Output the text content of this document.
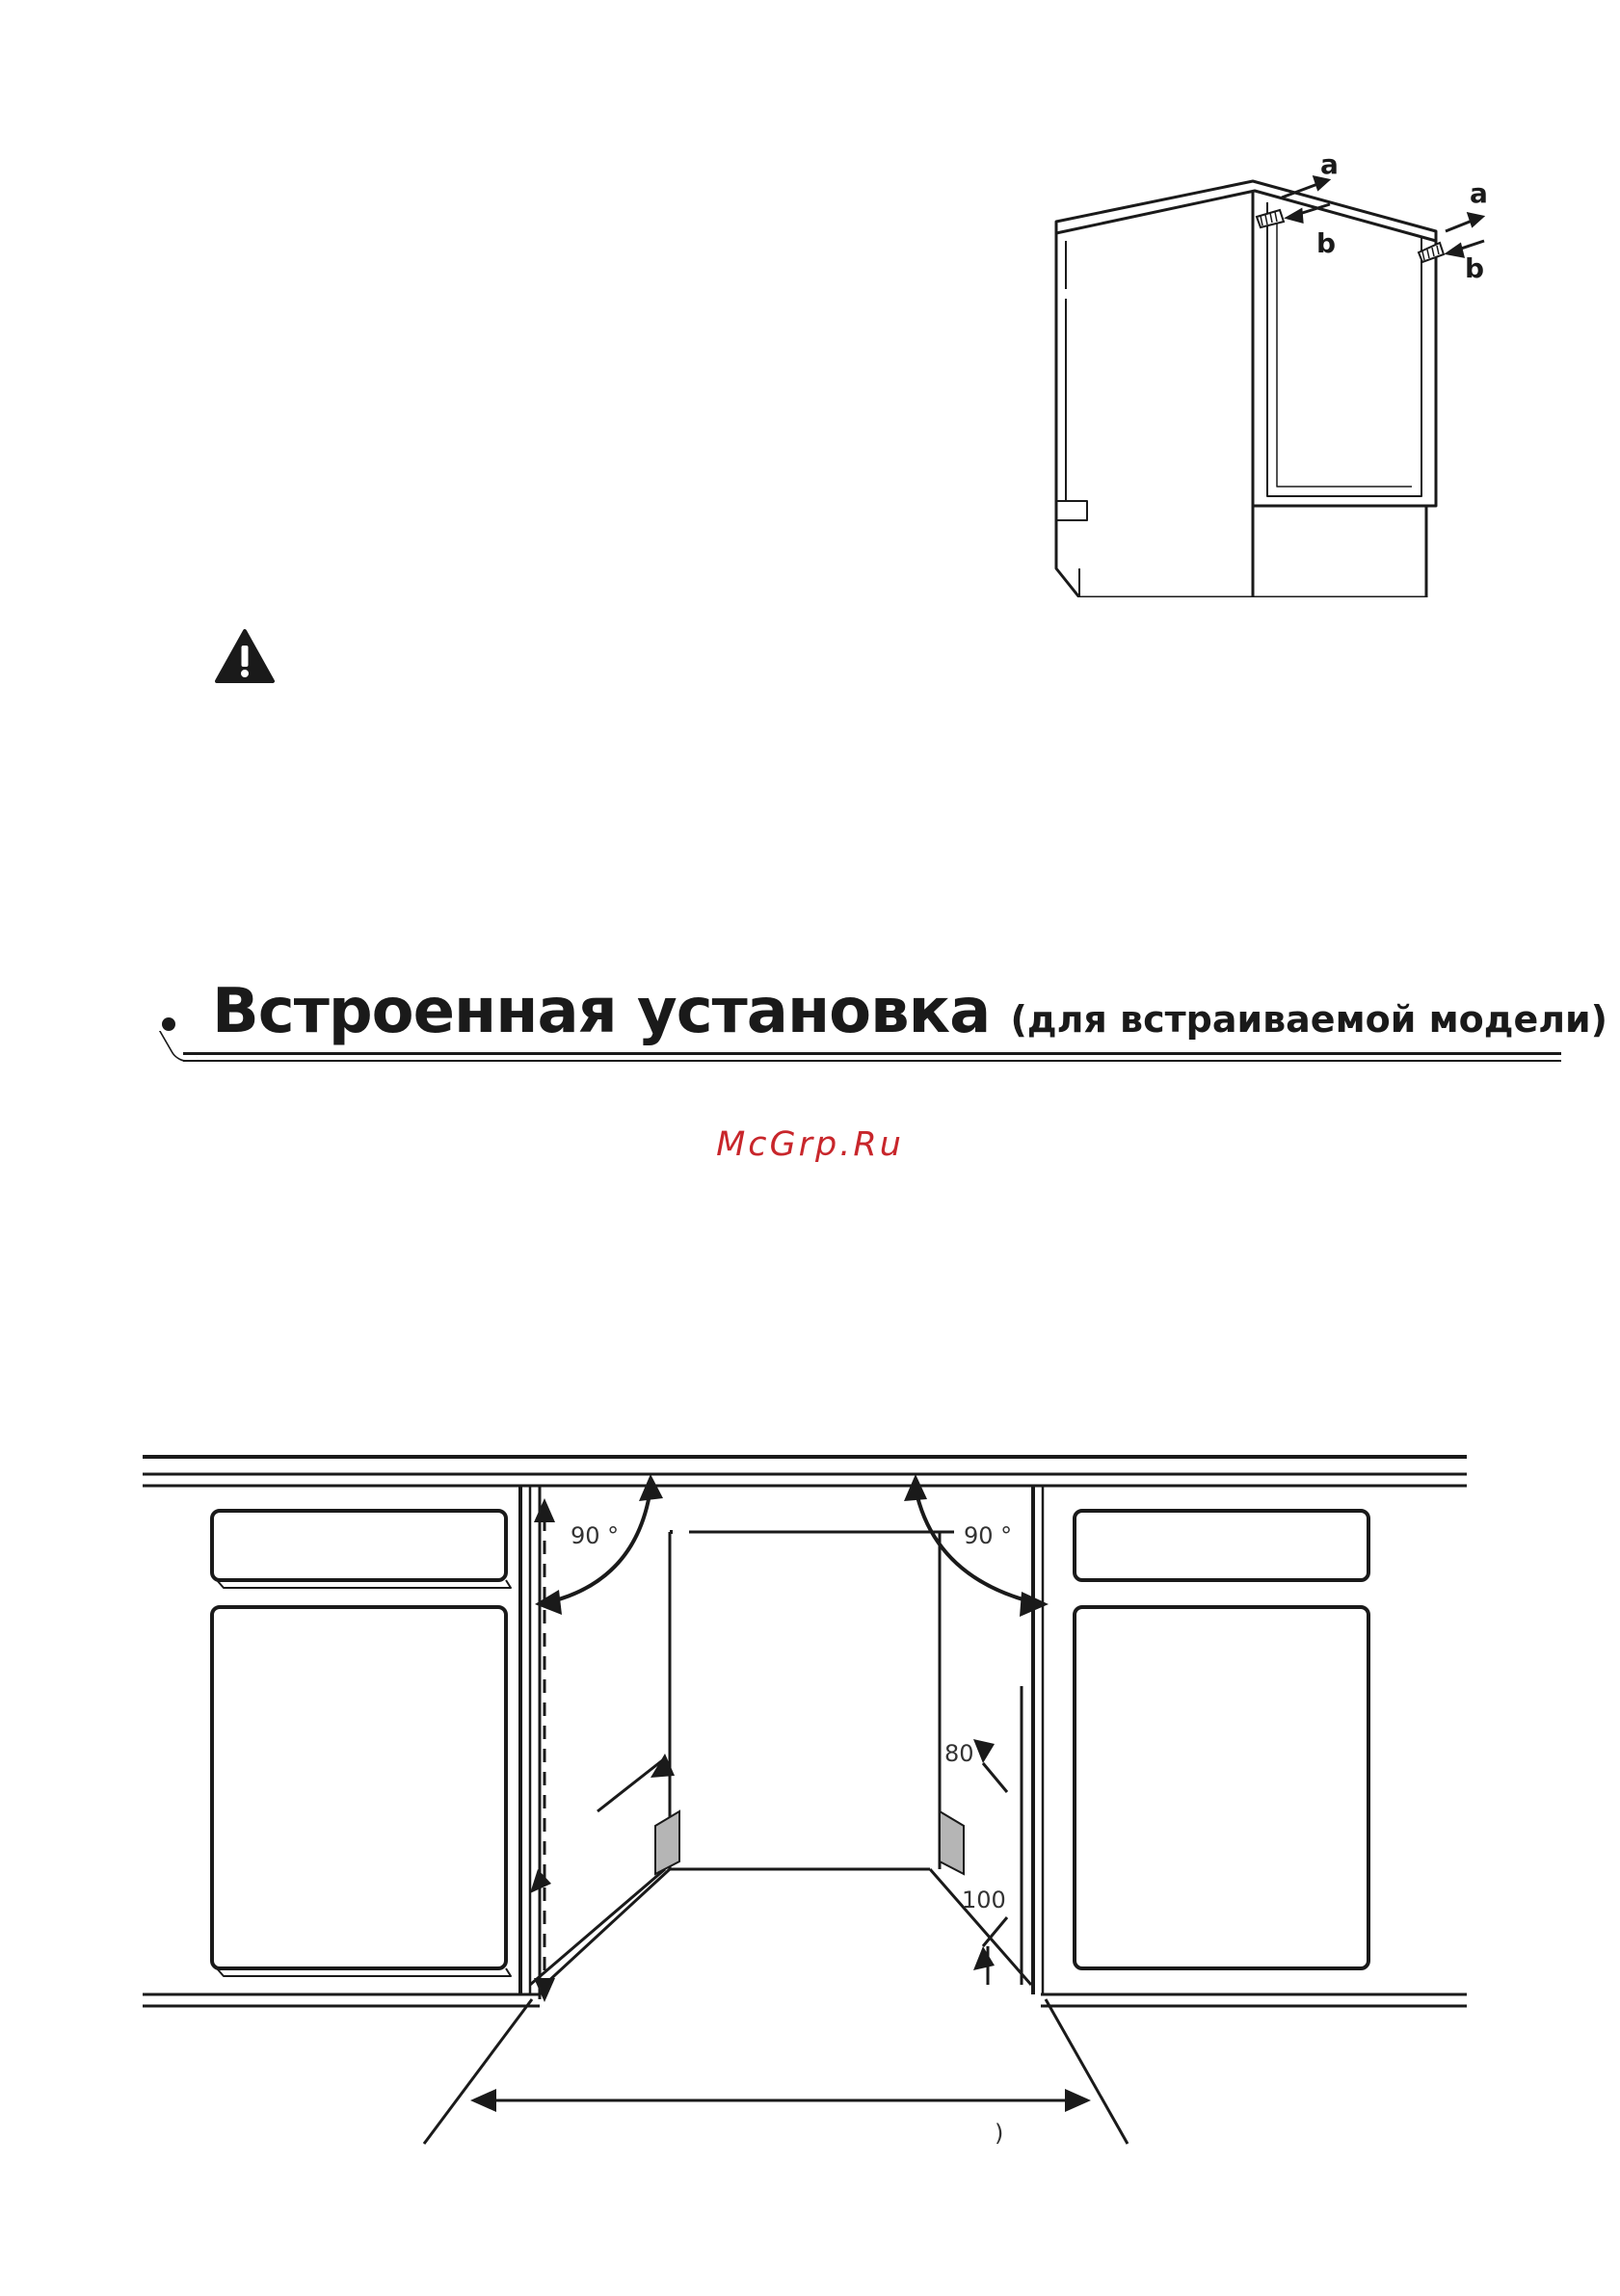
a
a
b
b
Встроенная установка (для встраиваемой модели)
McGrp.Ru
90 °	90 °
80
100
)
